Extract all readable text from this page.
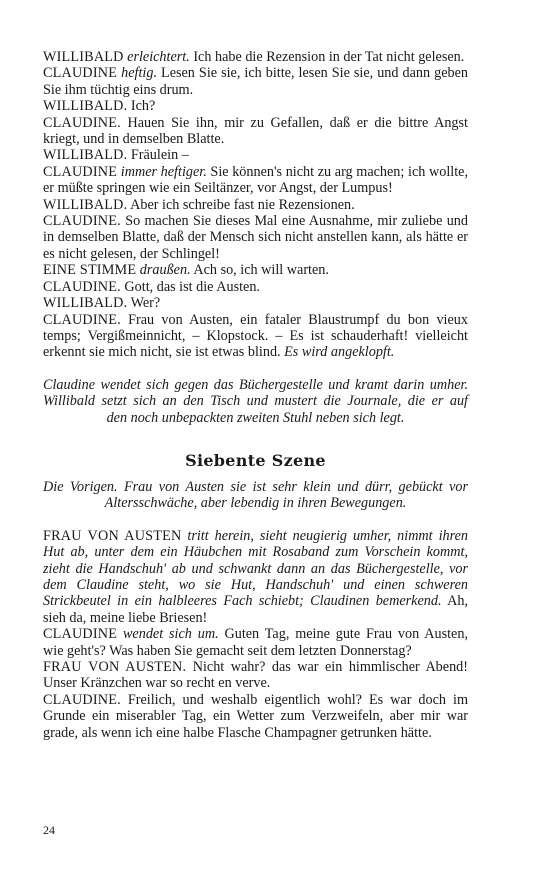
WILLIBALD erleichtert. Ich habe die Rezension in der Tat nicht gelesen.

CLAUDINE heftig. Lesen Sie sie, ich bitte, lesen Sie sie, und dann geben Sie ihm tüchtig eins drum.

WILLIBALD. Ich?

CLAUDINE. Hauen Sie ihn, mir zu Gefallen, daß er die bittre Angst kriegt, und in demselben Blatte.

WILLIBALD. Fräulein –

CLAUDINE immer heftiger. Sie können's nicht zu arg machen; ich wollte, er müßte springen wie ein Seiltänzer, vor Angst, der Lumpus!

WILLIBALD. Aber ich schreibe fast nie Rezensionen.

CLAUDINE. So machen Sie dieses Mal eine Ausnahme, mir zuliebe und in demselben Blatte, daß der Mensch sich nicht anstellen kann, als hätte er es nicht gelesen, der Schlingel!

EINE STIMME draußen. Ach so, ich will warten.

CLAUDINE. Gott, das ist die Austen.

WILLIBALD. Wer?

CLAUDINE. Frau von Austen, ein fataler Blaustrumpf du bon vieux temps; Vergißmeinnicht, – Klopstock. – Es ist schauderhaft! vielleicht erkennt sie mich nicht, sie ist etwas blind. Es wird angeklopft.

Claudine wendet sich gegen das Büchergestelle und kramt darin umher.
Willibald setzt sich an den Tisch und mustert die Journale, die er auf
den noch unbepackten zweiten Stuhl neben sich legt.
Siebente Szene
Die Vorigen. Frau von Austen sie ist sehr klein und dürr, gebückt vor
Altersschwäche, aber lebendig in ihren Bewegungen.

FRAU VON AUSTEN tritt herein, sieht neugierig umher, nimmt ihren Hut ab, unter dem ein Häubchen mit Rosaband zum Vorschein kommt, zieht die Handschuh' ab und schwankt dann an das Büchergestelle, vor dem Claudine steht, wo sie Hut, Handschuh' und einen schweren Strickbeutel in ein halbleeres Fach schiebt; Claudinen bemerkend. Ah, sieh da, meine liebe Briesen!

CLAUDINE wendet sich um. Guten Tag, meine gute Frau von Austen, wie geht's? Was haben Sie gemacht seit dem letzten Donnerstag?

FRAU VON AUSTEN. Nicht wahr? das war ein himmlischer Abend! Unser Kränzchen war so recht en verve.

CLAUDINE. Freilich, und weshalb eigentlich wohl? Es war doch im Grunde ein miserabler Tag, ein Wetter zum Verzweifeln, aber mir war grade, als wenn ich eine halbe Flasche Champagner getrunken hätte.

24
